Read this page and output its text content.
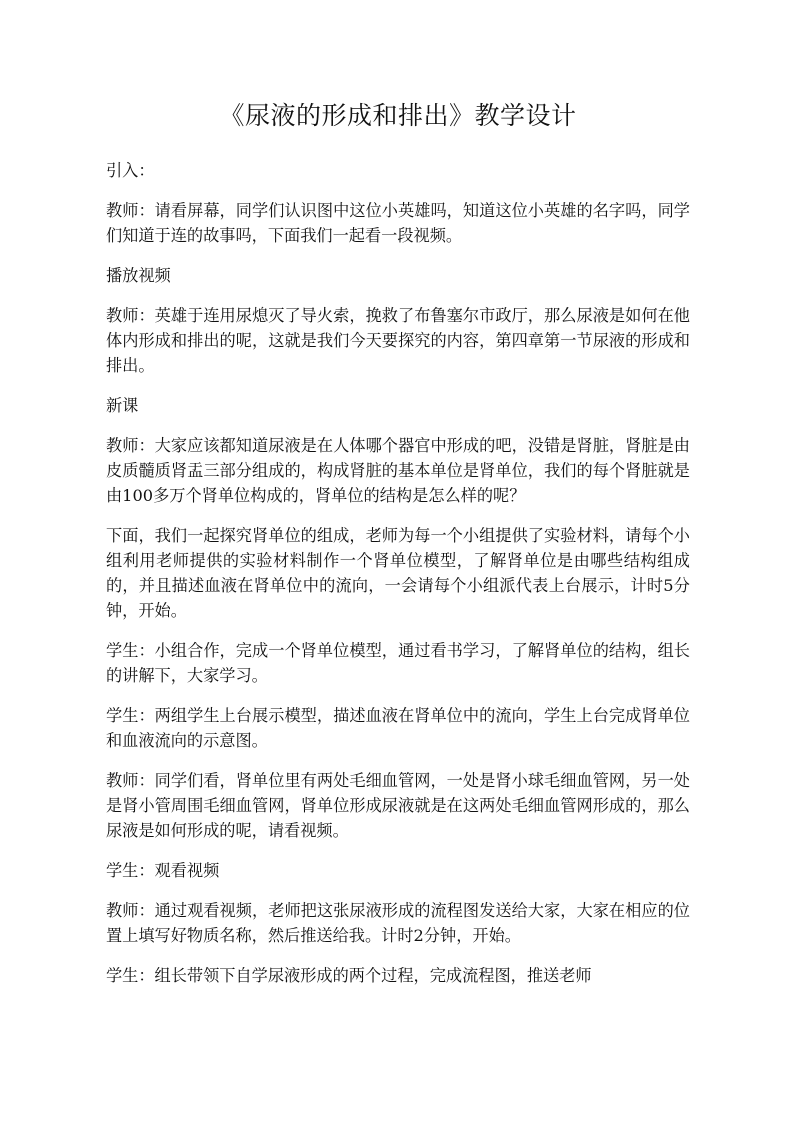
《尿液的形成和排出》教学设计

引入：

教师：请看屏幕，同学们认识图中这位小英雄吗，知道这位小英雄的名字吗，同学们知道于连的故事吗，下面我们一起看一段视频。

播放视频

教师：英雄于连用尿熄灭了导火索，挽救了布鲁塞尔市政厅，那么尿液是如何在他体内形成和排出的呢，这就是我们今天要探究的内容，第四章第一节尿液的形成和排出。

新课

教师：大家应该都知道尿液是在人体哪个器官中形成的吧，没错是肾脏，肾脏是由皮质髓质肾盂三部分组成的，构成肾脏的基本单位是肾单位，我们的每个肾脏就是由100多万个肾单位构成的，肾单位的结构是怎么样的呢？

下面，我们一起探究肾单位的组成，老师为每一个小组提供了实验材料，请每个小组利用老师提供的实验材料制作一个肾单位模型，了解肾单位是由哪些结构组成的，并且描述血液在肾单位中的流向，一会请每个小组派代表上台展示，计时5分钟，开始。

学生：小组合作，完成一个肾单位模型，通过看书学习，了解肾单位的结构，组长的讲解下，大家学习。

学生：两组学生上台展示模型，描述血液在肾单位中的流向，学生上台完成肾单位和血液流向的示意图。

教师：同学们看，肾单位里有两处毛细血管网，一处是肾小球毛细血管网，另一处是肾小管周围毛细血管网，肾单位形成尿液就是在这两处毛细血管网形成的，那么尿液是如何形成的呢，请看视频。

学生：观看视频

教师：通过观看视频，老师把这张尿液形成的流程图发送给大家，大家在相应的位置上填写好物质名称，然后推送给我。计时2分钟，开始。

学生：组长带领下自学尿液形成的两个过程，完成流程图，推送老师
